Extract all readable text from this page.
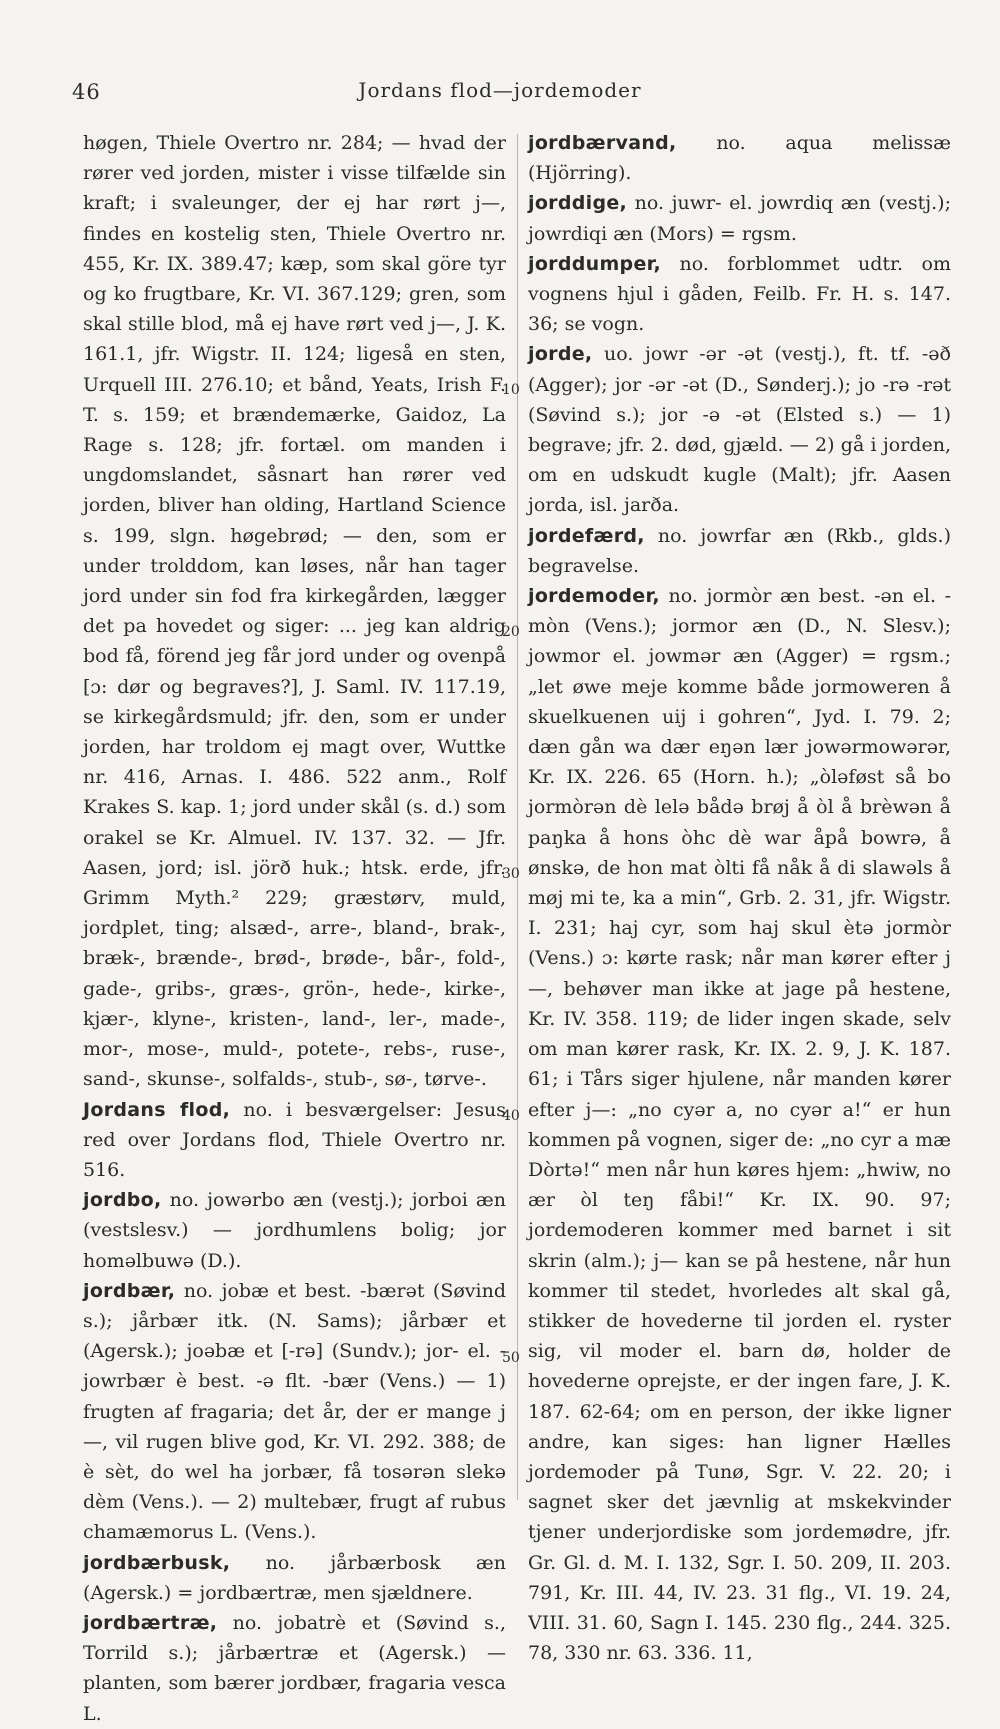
46	Jordans flod—jordemoder

høgen, Thiele Overtro nr. 284; — hvad der rører ved jorden, mister i visse tilfælde sin kraft; i svaleunger, der ej har rørt j—, findes en kostelig sten, Thiele Overtro nr. 455, Kr. IX. 389.47; kæp, som skal göre tyr og ko frugtbare, Kr. VI. 367.129; gren, som skal stille blod, må ej have rørt ved j—, J. K. 161.1, jfr. Wigstr. II. 124; ligeså en sten, Urquell III. 276.10; et bånd, Yeats, Irish F. T. s. 159; et brændemærke, Gaidoz, La Rage s. 128; jfr. fortæl. om manden i ungdomslandet, såsnart han rører ved jorden, bliver han olding, Hartland Science s. 199, slgn. høgebrød; — den, som er under trolddom, kan løses, når han tager jord under sin fod fra kirkegården, lægger det pa hovedet og siger: ... jeg kan aldrig bod få, förend jeg får jord under og ovenpå [ɔ: dør og begraves?], J. Saml. IV. 117.19, se kirkegårdsmuld; jfr. den, som er under jorden, har troldom ej magt over, Wuttke nr. 416, Arnas. I. 486. 522 anm., Rolf Krakes S. kap. 1; jord under skål (s. d.) som orakel se Kr. Almuel. IV. 137. 32. — Jfr. Aasen, jord; isl. jörð huk.; htsk. erde, jfr. Grimm Myth.² 229; græstørv, muld, jordplet, ting; alsæd-, arre-, bland-, brak-, bræk-, brænde-, brød-, brøde-, bår-, fold-, gade-, gribs-, græs-, grön-, hede-, kirke-, kjær-, klyne-, kristen-, land-, ler-, made-, mor-, mose-, muld-, potete-, rebs-, ruse-, sand-, skunse-, solfalds-, stub-, sø-, tørve-.

Jordans flod, no. i besværgelser: Jesus red over Jordans flod, Thiele Overtro nr. 516.

jordbo, no. jowərbo æn (vestj.); jorboi æn (vestslesv.) — jordhumlens bolig; jor homəlbuwə (D.).

jordbær, no. jobæ et best. -bærət (Søvind s.); jårbær itk. (N. Sams); jårbær et (Agersk.); joəbæ et [-rə] (Sundv.); jor- el. -jowrbær è best. -ə flt. -bær (Vens.) — 1) frugten af fragaria; det år, der er mange j—, vil rugen blive god, Kr. VI. 292. 388; de è sèt, do wel ha jorbær, få tosərən slekə dèm (Vens.). — 2) multebær, frugt af rubus chamæmorus L. (Vens.).

jordbærbusk, no. jårbærbosk æn (Agersk.) = jordbærtræ, men sjældnere.

jordbærtræ, no. jobatrè et (Søvind s., Torrild s.); jårbærtræ et (Agersk.) — planten, som bærer jordbær, fragaria vesca L.

10
20
30
40
50

jordbærvand, no. aqua melissæ (Hjörring).

jorddige, no. juwr- el. jowrdiq æn (vestj.); jowrdiqi æn (Mors) = rgsm.

jorddumper, no. forblommet udtr. om vognens hjul i gåden, Feilb. Fr. H. s. 147. 36; se vogn.

jorde, uo. jowr -ər -ət (vestj.), ft. tf. -əð (Agger); jor -ər -ət (D., Sønderj.); jo -rə -rət (Søvind s.); jor -ə -ət (Elsted s.) — 1) begrave; jfr. 2. død, gjæld. — 2) gå i jorden, om en udskudt kugle (Malt); jfr. Aasen jorda, isl. jarða.

jordefærd, no. jowrfar æn (Rkb., glds.) begravelse.

jordemoder, no. jormòr æn best. -ən el. -mòn (Vens.); jormor æn (D., N. Slesv.); jowmor el. jowmər æn (Agger) = rgsm.; „let øwe meje komme både jormoweren å skuelkuenen uij i gohren“, Jyd. I. 79. 2; dæn gån wa dær eŋən lær jowərmowərər, Kr. IX. 226. 65 (Horn. h.); „òləføst så bo jormòrən dè lelə bådə brøj å òl å brèwən å paŋka å hons òhc dè war åpå bowrə, å ønskə, de hon mat òlti få nåk å di slawəls å møj mi te, ka a min“, Grb. 2. 31, jfr. Wigstr. I. 231; haj cyr, som haj skul ètə jormòr (Vens.) ɔ: kørte rask; når man kører efter j—, behøver man ikke at jage på hestene, Kr. IV. 358. 119; de lider ingen skade, selv om man kører rask, Kr. IX. 2. 9, J. K. 187. 61; i Tårs siger hjulene, når manden kører efter j—: „no cyər a, no cyər a!“ er hun kommen på vognen, siger de: „no cyr a mæ Dòrtə!“ men når hun køres hjem: „hwiw, no ær òl teŋ fåbi!“ Kr. IX. 90. 97; jordemoderen kommer med barnet i sit skrin (alm.); j— kan se på hestene, når hun kommer til stedet, hvorledes alt skal gå, stikker de hovederne til jorden el. ryster sig, vil moder el. barn dø, holder de hovederne oprejste, er der ingen fare, J. K. 187. 62-64; om en person, der ikke ligner andre, kan siges: han ligner Hælles jordemoder på Tunø, Sgr. V. 22. 20; i sagnet sker det jævnlig at mskekvinder tjener underjordiske som jordemødre, jfr. Gr. Gl. d. M. I. 132, Sgr. I. 50. 209, II. 203. 791, Kr. III. 44, IV. 23. 31 flg., VI. 19. 24, VIII. 31. 60, Sagn I. 145. 230 flg., 244. 325. 78, 330 nr. 63. 336. 11,
